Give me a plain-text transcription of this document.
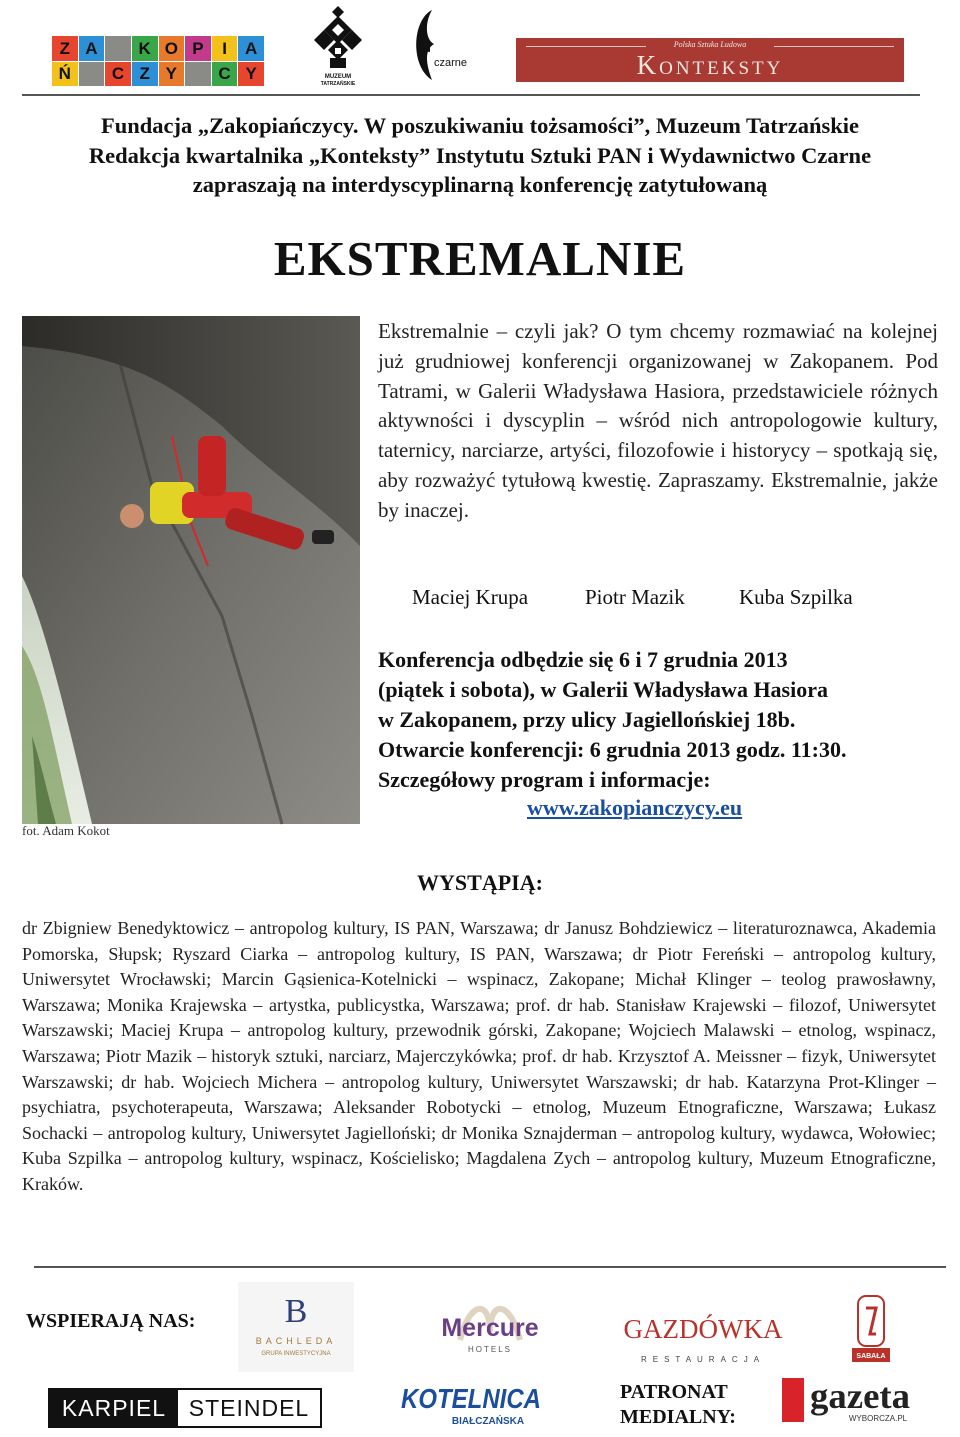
Z A	K O P	I	A
Ń	C Z Y	C Y	MUZEUM
TATRZAŃSKIE
czarne
Polska Sztuka Ludowa
Konteksty
Fundacja „Zakopiańczycy. W poszukiwaniu tożsamości”, Muzeum Tatrzańskie
Redakcja kwartalnika „Konteksty” Instytutu Sztuki PAN i Wydawnictwo Czarne
zapraszają na interdyscyplinarną konferencję zatytułowaną
EKSTREMALNIE
fot. Adam Kokot
Ekstremalnie – czyli jak? O tym chcemy rozmawiać na kolejnej już grudniowej konferencji organizowanej w Zakopanem. Pod Tatrami, w Galerii Władysława Hasiora, przedstawiciele różnych aktywności i dyscyplin – wśród nich antropologowie kultury, taternicy, narciarze, artyści, filozofowie i historycy – spotkają się, aby rozważyć tytułową kwestię. Zapraszamy. Ekstremalnie, jakże by inaczej.
Maciej Krupa	Piotr Mazik	Kuba Szpilka
Konferencja odbędzie się 6 i 7 grudnia 2013
(piątek i sobota), w Galerii Władysława Hasiora
w Zakopanem, przy ulicy Jagiellońskiej 18b.
Otwarcie konferencji: 6 grudnia 2013 godz. 11:30.
Szczegółowy program i informacje:
www.zakopianczycy.eu
WYSTĄPIĄ:
dr Zbigniew Benedyktowicz – antropolog kultury, IS PAN, Warszawa; dr Janusz Bohdziewicz – literaturoznawca, Akademia Pomorska, Słupsk; Ryszard Ciarka – antropolog kultury, IS PAN, Warszawa; dr Piotr Fereński – antropolog kultury, Uniwersytet Wrocławski; Marcin Gąsienica-Kotelnicki – wspinacz, Zakopane; Michał Klinger – teolog prawosławny, Warszawa; Monika Krajewska – artystka, publicystka, Warszawa; prof. dr hab. Stanisław Krajewski – filozof, Uniwersytet Warszawski; Maciej Krupa – antropolog kultury, przewodnik górski, Zakopane; Wojciech Malawski – etnolog, wspinacz, Warszawa; Piotr Mazik – historyk sztuki, narciarz, Majerczykówka; prof. dr hab. Krzysztof A. Meissner – fizyk, Uniwersytet Warszawski; dr hab. Wojciech Michera – antropolog kultury, Uniwersytet Warszawski; dr hab. Katarzyna Prot-Klinger – psychiatra, psychoterapeuta, Warszawa; Aleksander Robotycki – etnolog, Muzeum Etnograficzne, Warszawa; Łukasz Sochacki – antropolog kultury, Uniwersytet Jagielloński; dr Monika Sznajderman – antropolog kultury, wydawca, Wołowiec; Kuba Szpilka – antropolog kultury, wspinacz, Kościelisko; Magdalena Zych – antropolog kultury, Muzeum Etnograficzne, Kraków.
WSPIERAJĄ NAS:	B
BACHLEDA
GRUPA INWESTYCYJNA
Mercure
HOTELS
GAZDÓWKA
RESTAURACJA	SABAŁA
KARPIEL STEINDEL	KOTELNICA
BIAŁCZAŃSKA
PATRONAT
MEDIALNY:
gazeta
WYBORCZA.PL
